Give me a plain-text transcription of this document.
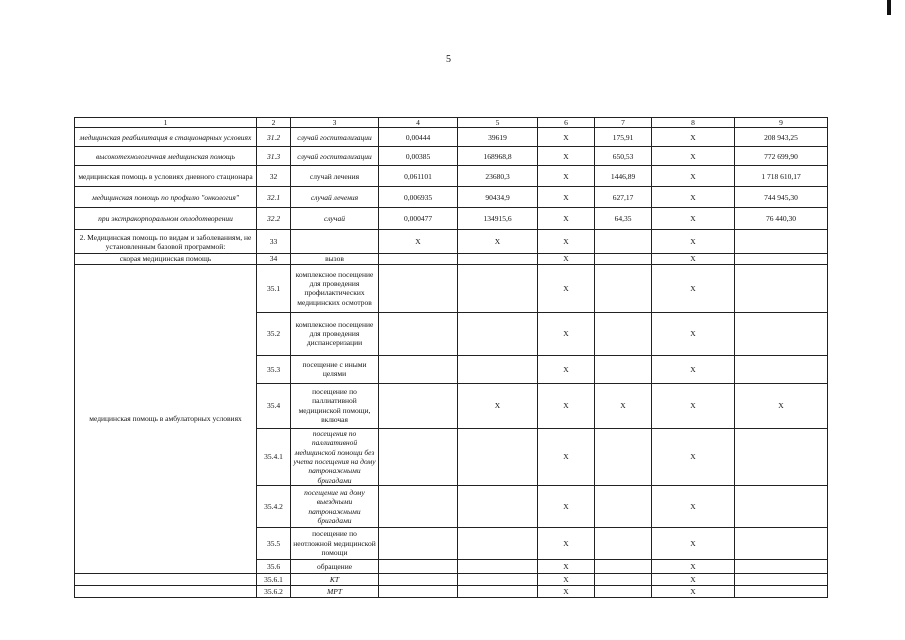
5
1	2	3	4	5	6	7	8	9	
медицинская реабилитация в стационарных условиях	31.2	случай госпитализации	0,00444	39619	Х	175,91	Х	208 943,25	
высокотехнологичная медицинская помощь	31.3	случай госпитализации	0,00385	168968,8	Х	650,53	Х	772 699,90	
медицинская помощь в условиях дневного стационара	32	случай лечения	0,061101	23680,3	Х	1446,89	Х	1 718 610,17	
медицинская помощь по профилю "онкология"	32.1	случай лечения	0,006935	90434,9	Х	627,17	Х	744 945,30	
при экстракорпоральном оплодотворении	32.2	случай	0,000477	134915,6	Х	64,35	Х	76 440,30	
2. Медицинская помощь по видам и заболеваниям, не установленным базовой программой:	33		Х	Х	Х		Х		
скорая медицинская помощь	34	вызов			Х		Х		
медицинская помощь в амбулаторных условиях	35.1	комплексное посещение для проведения профилактических медицинских осмотров			Х		Х		
	35.2	комплексное посещение для проведения диспансеризации			Х		Х		
	35.3	посещение с иными целями			Х		Х		
	35.4	посещение по паллиативной медицинской помощи, включая		Х	Х	Х	Х	Х	
	35.4.1	посещения по паллиативной медицинской помощи без учета посещения на дому патронажными бригадами			Х		Х		
	35.4.2	посещение на дому выездными патронажными бригадами			Х		Х		
	35.5	посещение по неотложной медицинской помощи			Х		Х		
	35.6	обращение			Х		Х		
	35.6.1	КТ			Х		Х		
	35.6.2	МРТ			Х		Х		
